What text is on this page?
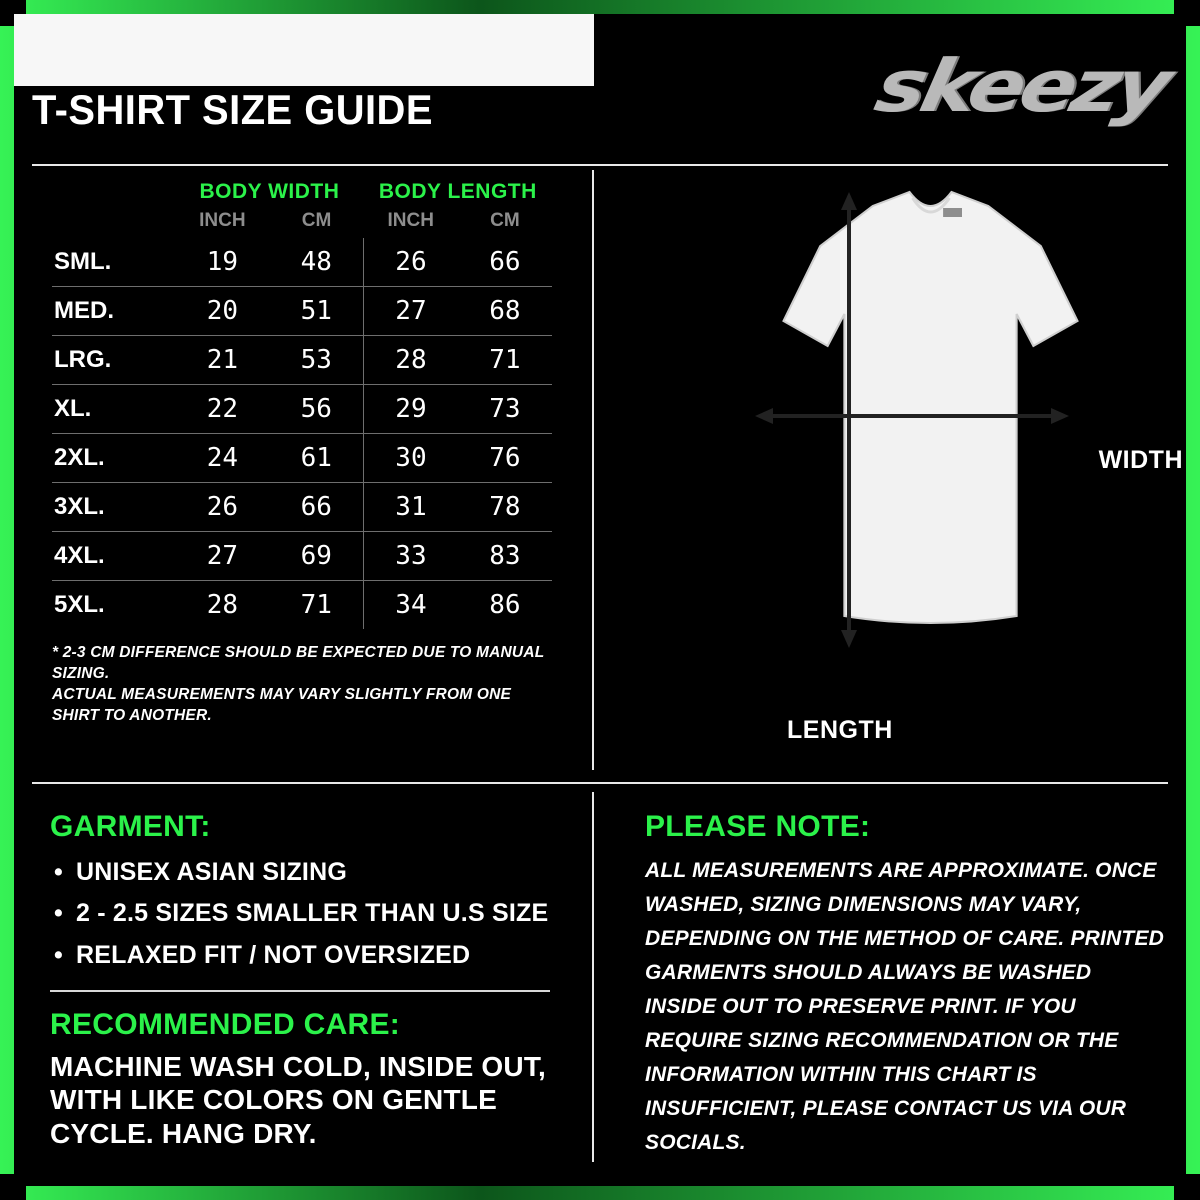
T-SHIRT SIZE GUIDE	skeezy
	BODY WIDTH		BODY LENGTH	
	INCH	CM	INCH	CM
SML.	19	48	26	66
MED.	20	51	27	68
LRG.	21	53	28	71
XL.	22	56	29	73
2XL.	24	61	30	76
3XL.	26	66	31	78
4XL.	27	69	33	83
5XL.	28	71	34	86
* 2-3 CM DIFFERENCE SHOULD BE EXPECTED DUE TO MANUAL SIZING.
ACTUAL MEASUREMENTS MAY VARY SLIGHTLY FROM ONE SHIRT TO ANOTHER.
WIDTH
LENGTH
GARMENT:
• UNISEX ASIAN SIZING
• 2 - 2.5 SIZES SMALLER THAN U.S SIZE
• RELAXED FIT / NOT OVERSIZED
RECOMMENDED CARE:
MACHINE WASH COLD, INSIDE OUT, WITH LIKE COLORS ON GENTLE CYCLE. HANG DRY.
PLEASE NOTE:
ALL MEASUREMENTS ARE APPROXIMATE. ONCE WASHED, SIZING DIMENSIONS MAY VARY, DEPENDING ON THE METHOD OF CARE. PRINTED GARMENTS SHOULD ALWAYS BE WASHED INSIDE OUT TO PRESERVE PRINT. IF YOU REQUIRE SIZING RECOMMENDATION OR THE INFORMATION WITHIN THIS CHART IS INSUFFICIENT, PLEASE CONTACT US VIA OUR SOCIALS.
